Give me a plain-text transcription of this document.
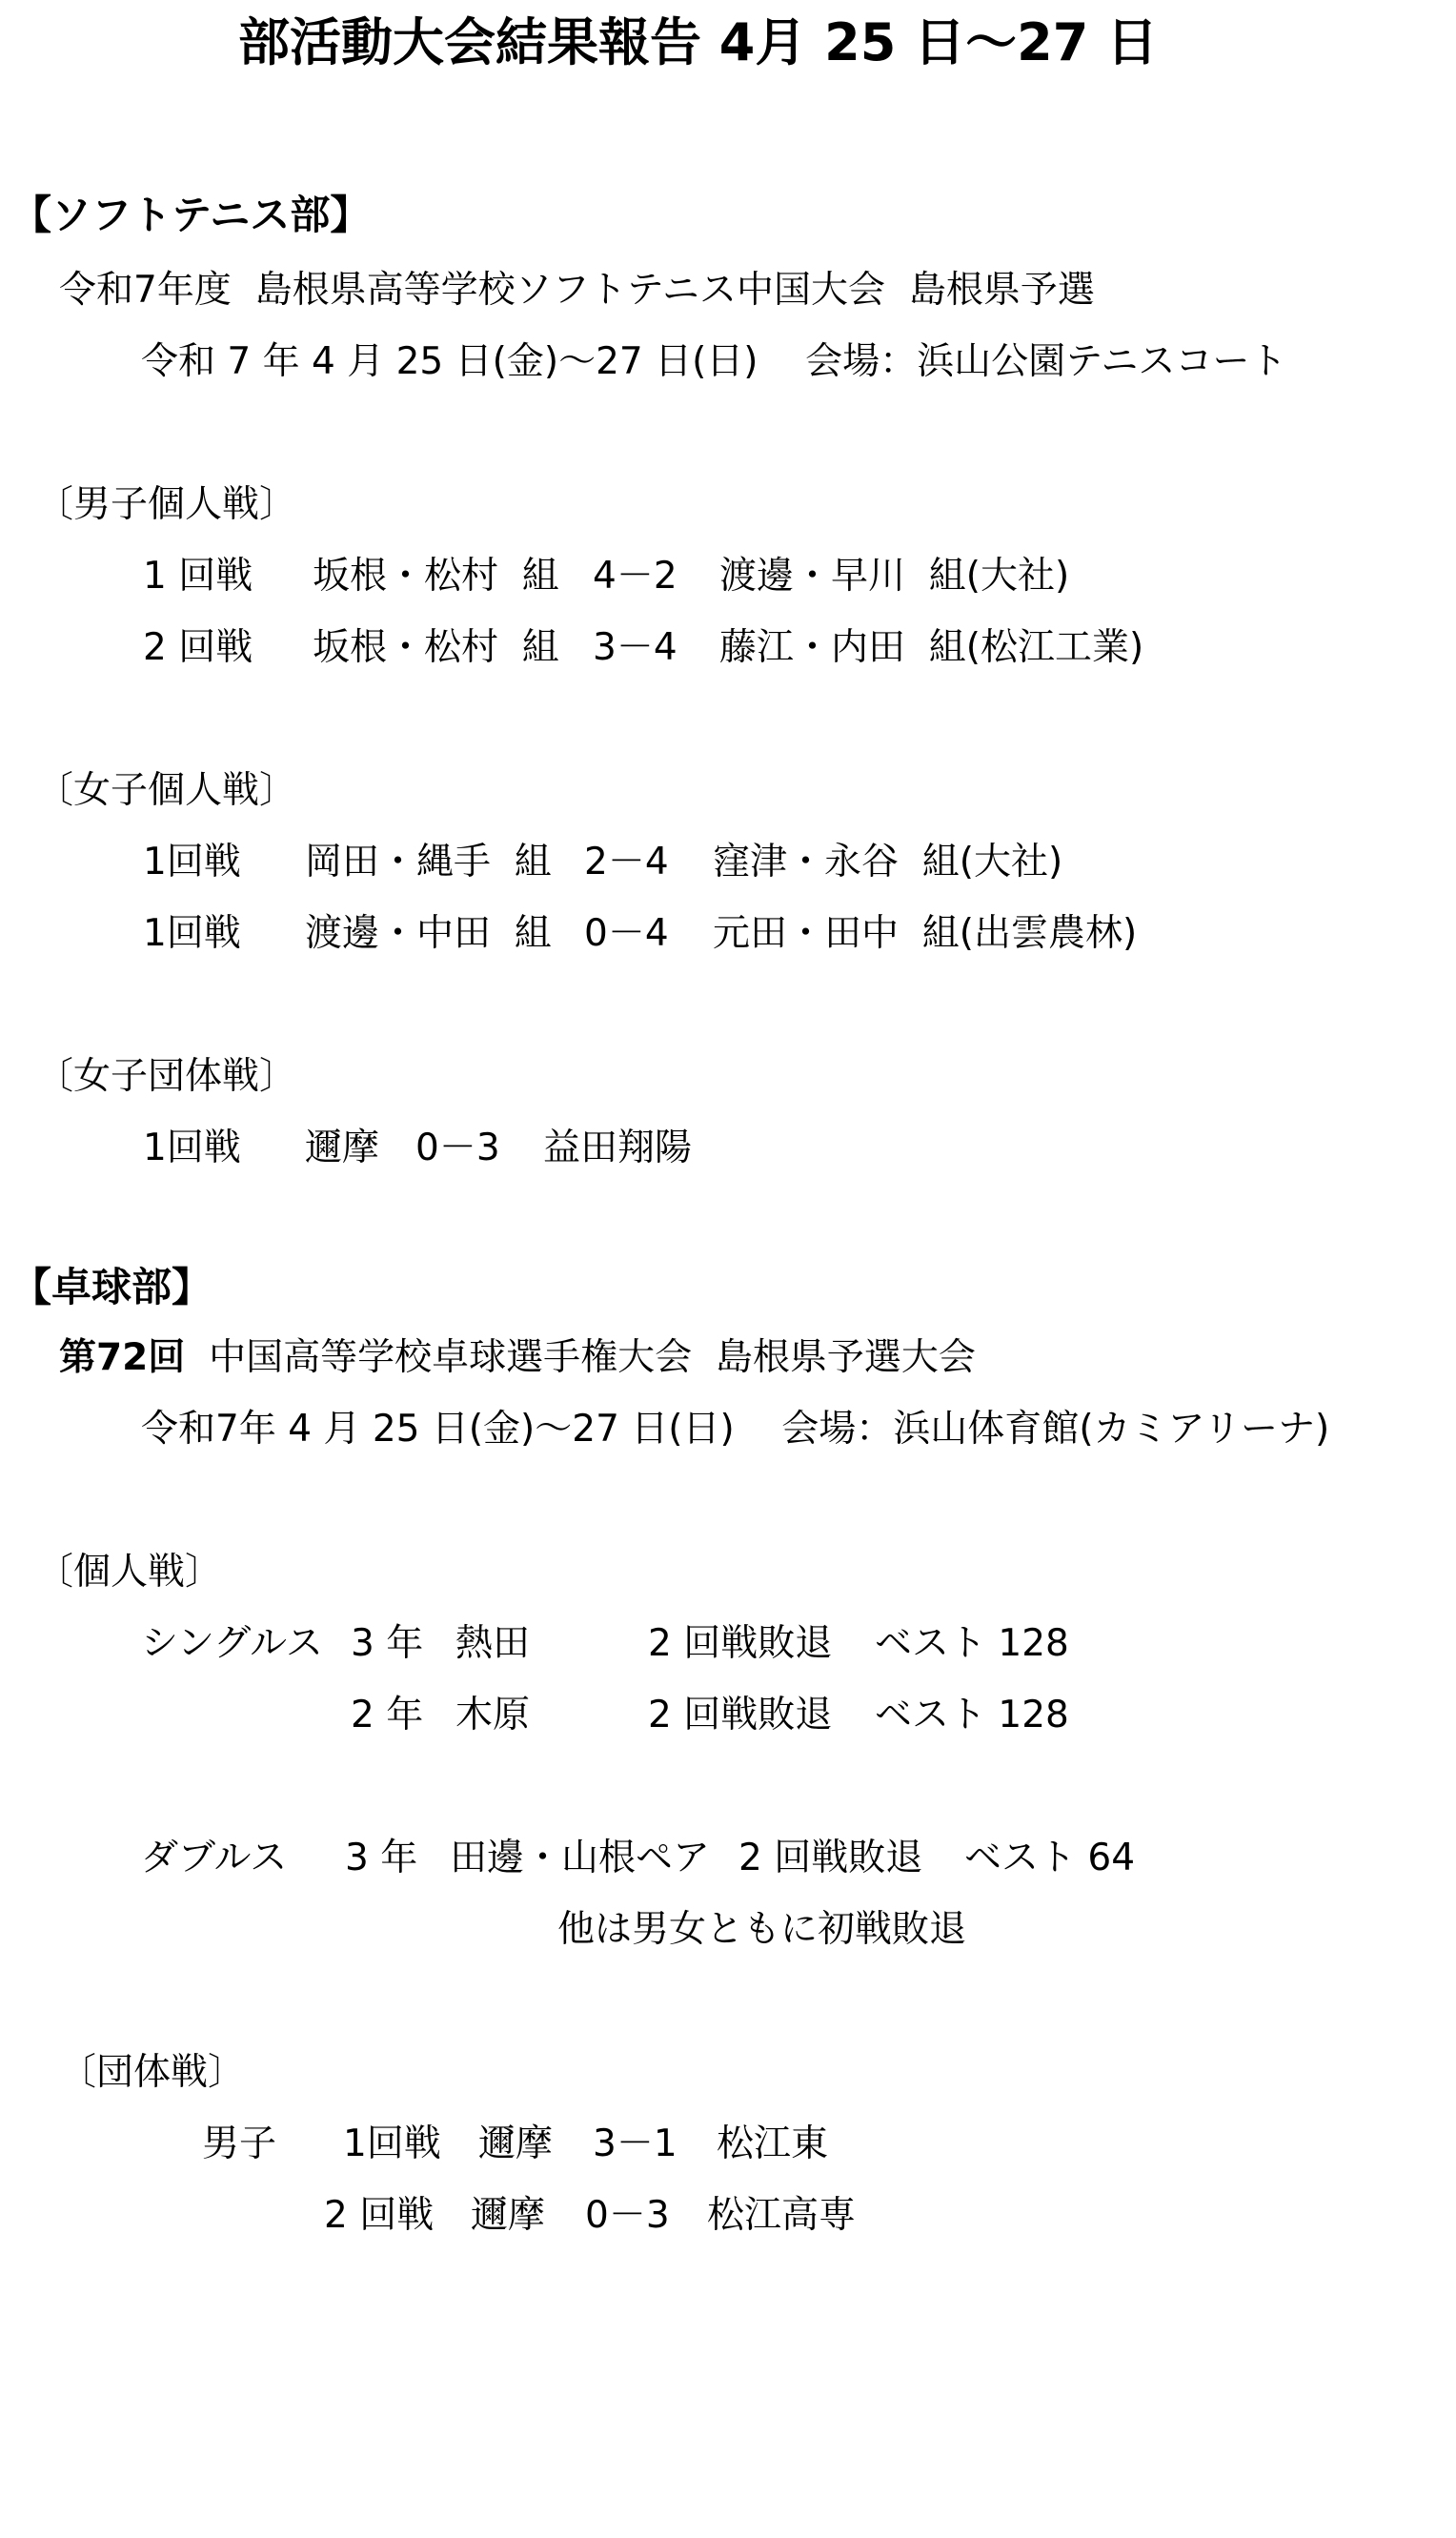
部活動大会結果報告 4月 25 日～27 日
【ソフトテニス部】
令和7年度  島根県高等学校ソフトテニス中国大会  島根県予選
令和 7 年 4 月 25 日(金)～27 日(日)    会場：浜山公園テニスコート
〔男子個人戦〕
1 回戦 坂根・松村  組 4－2 渡邊・早川  組(大社)
2 回戦 坂根・松村  組 3－4 藤江・内田  組(松江工業)
〔女子個人戦〕
1回戦 岡田・縄手  組 2－4 窪津・永谷  組(大社)
1回戦 渡邊・中田  組 0－4 元田・田中  組(出雲農林)
〔女子団体戦〕
1回戦 邇摩 0－3 益田翔陽
【卓球部】
第72回  中国高等学校卓球選手権大会  島根県予選大会
令和7年 4 月 25 日(金)～27 日(日)    会場：浜山体育館(カミアリーナ)
〔個人戦〕
シングルス 3 年 熱田	2 回戦敗退 ベスト 128
2 年 木原	2 回戦敗退 ベスト 128
ダブルス 3 年 田邊・山根ペア 2 回戦敗退 ベスト 64
他は男女ともに初戦敗退
〔団体戦〕
男子 1回戦 邇摩 3－1 松江東
2 回戦 邇摩 0－3 松江高専
